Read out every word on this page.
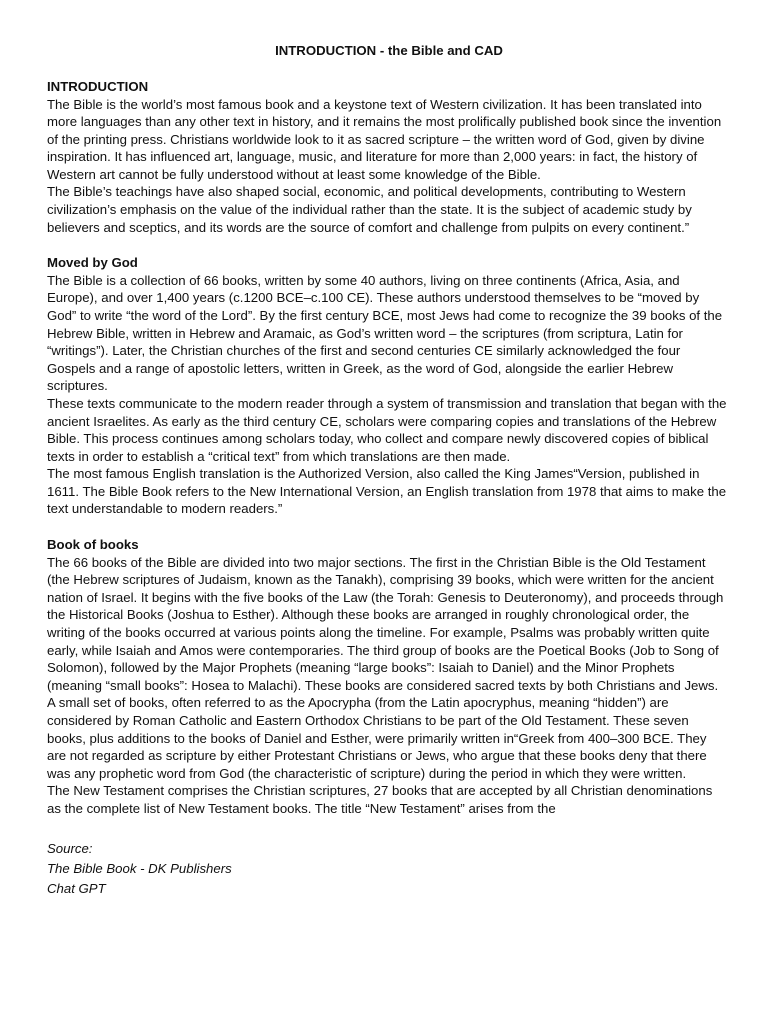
INTRODUCTION - the Bible and CAD
INTRODUCTION

The Bible is the world’s most famous book and a keystone text of Western civilization. It has been translated into more languages than any other text in history, and it remains the most prolifically published book since the invention of the printing press. Christians worldwide look to it as sacred scripture – the written word of God, given by divine inspiration. It has influenced art, language, music, and literature for more than 2,000 years: in fact, the history of Western art cannot be fully understood without at least some knowledge of the Bible.

The Bible’s teachings have also shaped social, economic, and political developments, contributing to Western civilization’s emphasis on the value of the individual rather than the state. It is the subject of academic study by believers and sceptics, and its words are the source of comfort and challenge from pulpits on every continent.”

Moved by God

The Bible is a collection of 66 books, written by some 40 authors, living on three continents (Africa, Asia, and Europe), and over 1,400 years (c.1200 BCE–c.100 CE). These authors understood themselves to be “moved by God” to write “the word of the Lord”. By the first century BCE, most Jews had come to recognize the 39 books of the Hebrew Bible, written in Hebrew and Aramaic, as God’s written word – the scriptures (from scriptura, Latin for “writings”). Later, the Christian churches of the first and second centuries CE similarly acknowledged the four Gospels and a range of apostolic letters, written in Greek, as the word of God, alongside the earlier Hebrew scriptures.

These texts communicate to the modern reader through a system of transmission and translation that began with the ancient Israelites. As early as the third century CE, scholars were comparing copies and translations of the Hebrew Bible. This process continues among scholars today, who collect and compare newly discovered copies of biblical texts in order to establish a “critical text” from which translations are then made.

The most famous English translation is the Authorized Version, also called the King James“Version, published in 1611. The Bible Book refers to the New International Version, an English translation from 1978 that aims to make the text understandable to modern readers.”

Book of books

The 66 books of the Bible are divided into two major sections. The first in the Christian Bible is the Old Testament (the Hebrew scriptures of Judaism, known as the Tanakh), comprising 39 books, which were written for the ancient nation of Israel. It begins with the five books of the Law (the Torah: Genesis to Deuteronomy), and proceeds through the Historical Books (Joshua to Esther). Although these books are arranged in roughly chronological order, the writing of the books occurred at various points along the timeline. For example, Psalms was probably written quite early, while Isaiah and Amos were contemporaries. The third group of books are the Poetical Books (Job to Song of Solomon), followed by the Major Prophets (meaning “large books”: Isaiah to Daniel) and the Minor Prophets (meaning “small books”: Hosea to Malachi). These books are considered sacred texts by both Christians and Jews.

A small set of books, often referred to as the Apocrypha (from the Latin apocryphus, meaning “hidden”) are considered by Roman Catholic and Eastern Orthodox Christians to be part of the Old Testament. These seven books, plus additions to the books of Daniel and Esther, were primarily written in“Greek from 400–300 BCE. They are not regarded as scripture by either Protestant Christians or Jews, who argue that these books deny that there was any prophetic word from God (the characteristic of scripture) during the period in which they were written.

The New Testament comprises the Christian scriptures, 27 books that are accepted by all Christian denominations as the complete list of New Testament books. The title “New Testament” arises from the

Source:
The Bible Book - DK Publishers
Chat GPT
